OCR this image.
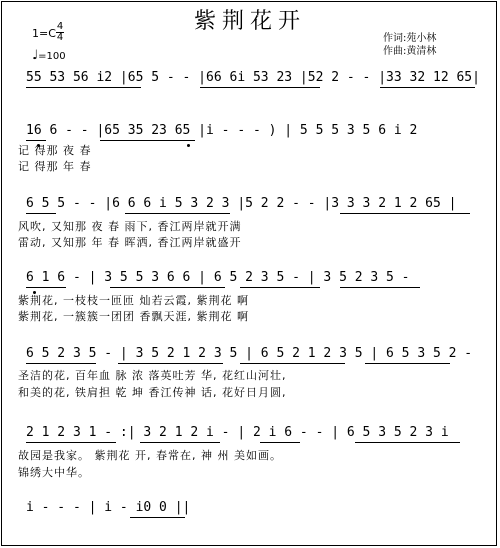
紫荆花开
1=C
4
4
♩=100
作词:苑小林
作曲:黄清林
55 53 56 i2 |65 5 - - |66 6i 53 23 |52 2 - - |33 32 12 65|
16 6 - - |65 35 23 65 |i - - - ) | 5 5 5 3 5 6 i 2
记 得那 夜 春
记 得那 年 春
6 5 5 - - |6 6 6 i 5 3 2 3 |5 2 2 - - |3 3 3 2 1 2 65 |
风吹, 又知那 夜 春 雨下, 香江两岸就开满
雷动, 又知那 年 春 晖洒, 香江两岸就盛开
6 1 6 - | 3 5 5 3 6 6 | 6 5 2 3 5 - | 3 5 2 3 5 -
紫荆花, 一枝枝一匝匝 灿若云霞, 紫荆花 啊
紫荆花, 一簇簇一团团 香飘天涯, 紫荆花 啊
6 5 2 3 5 - | 3 5 2 1 2 3 5 | 6 5 2 1 2 3 5 | 6 5 3 5 2 -
圣洁的花, 百年血 脉 浓 落英吐芳 华, 花红山河壮,
和美的花, 铁肩担 乾 坤 香江传神 话, 花好日月圆,
2 1 2 3 1 - :| 3 2 1 2 i - | 2 i 6 - - | 6 5 3 5 2 3 i
故园是我家。 紫荆花 开, 春常在, 神 州 美如画。
锦绣大中华。
i - - - | i - i0 0 ||
